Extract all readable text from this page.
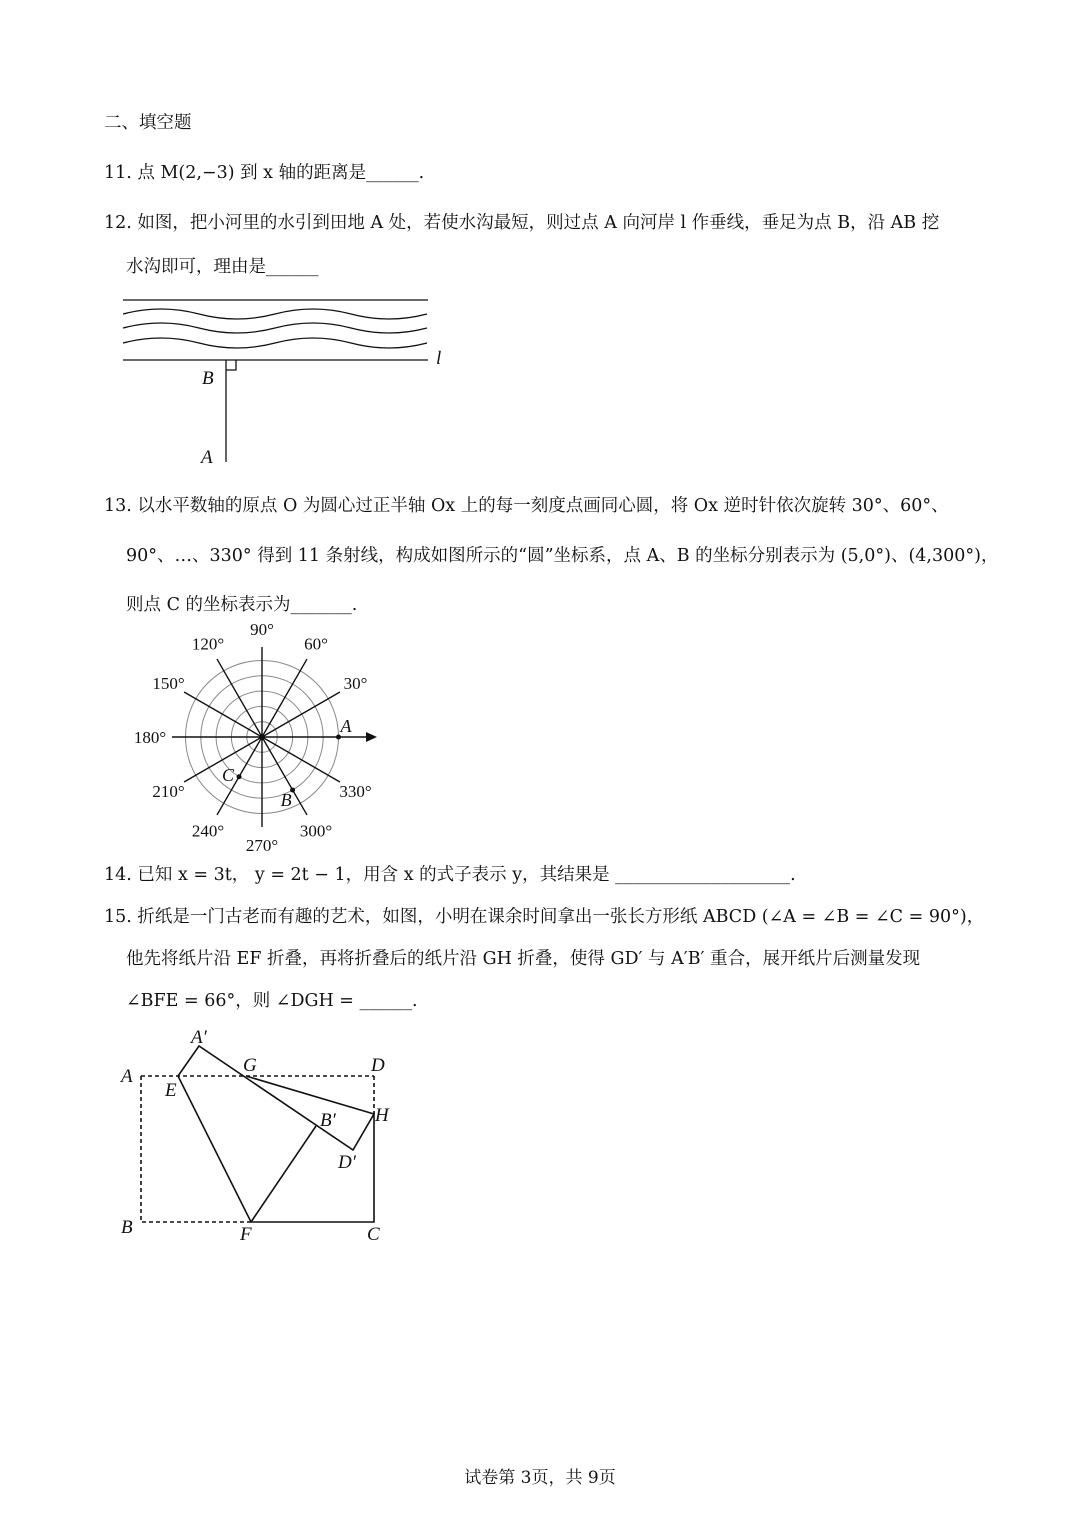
二、填空题
11. 点 M(2,−3) 到 x 轴的距离是______.
12. 如图，把小河里的水引到田地 A 处，若使水沟最短，则过点 A 向河岸 l 作垂线，垂足为点 B，沿 AB 挖
水沟即可，理由是______
13. 以水平数轴的原点 O 为圆心过正半轴 Ox 上的每一刻度点画同心圆，将 Ox 逆时针依次旋转 30°、60°、
90°、…、330° 得到 11 条射线，构成如图所示的“圆”坐标系，点 A、B 的坐标分别表示为 (5,0°)、(4,300°)，
则点 C 的坐标表示为_______.
14. 已知 x = 3t， y = 2t − 1，用含 x 的式子表示 y，其结果是 ____________________.
15. 折纸是一门古老而有趣的艺术，如图，小明在课余时间拿出一张长方形纸 ABCD (∠A = ∠B = ∠C = 90°)，
他先将纸片沿 EF 折叠，再将折叠后的纸片沿 GH 折叠，使得 GD′ 与 A′B′ 重合，展开纸片后测量发现
∠BFE = 66°，则 ∠DGH = ______.
B
A
l
30°
60°
90°
120°
150°
180°
210°
240°
270°
300°
330°
A
B
C
A′
A
E
G	D
H
B′
D′
B	F	C
试卷第 3页，共 9页
